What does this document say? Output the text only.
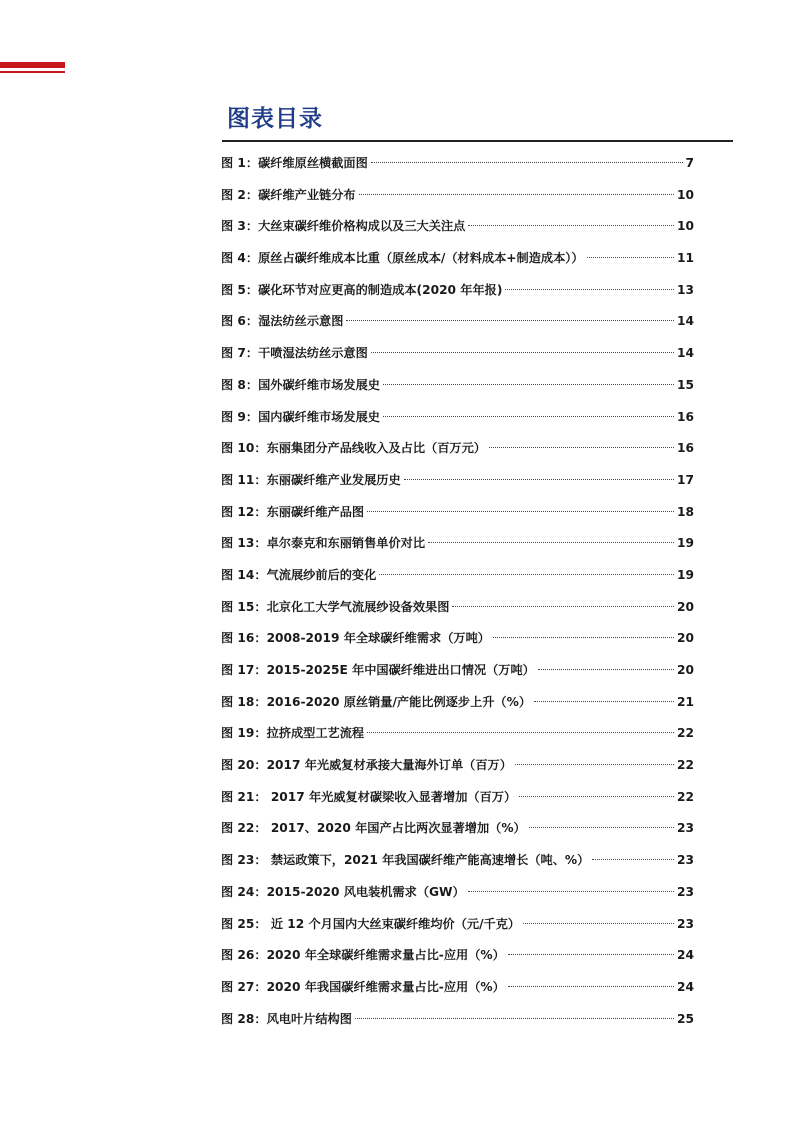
图表目录
图 1：碳纤维原丝横截面图	7
图 2：碳纤维产业链分布	10
图 3：大丝束碳纤维价格构成以及三大关注点	10
图 4：原丝占碳纤维成本比重（原丝成本/（材料成本+制造成本））	11
图 5：碳化环节对应更高的制造成本(2020 年年报)	13
图 6：湿法纺丝示意图	14
图 7：干喷湿法纺丝示意图	14
图 8：国外碳纤维市场发展史	15
图 9：国内碳纤维市场发展史	16
图 10：东丽集团分产品线收入及占比（百万元）	16
图 11：东丽碳纤维产业发展历史	17
图 12：东丽碳纤维产品图	18
图 13：卓尔泰克和东丽销售单价对比	19
图 14：气流展纱前后的变化	19
图 15：北京化工大学气流展纱设备效果图	20
图 16：2008-2019 年全球碳纤维需求（万吨）	20
图 17：2015-2025E 年中国碳纤维进出口情况（万吨）	20
图 18：2016-2020 原丝销量/产能比例逐步上升（%）	21
图 19：拉挤成型工艺流程	22
图 20：2017 年光威复材承接大量海外订单（百万）	22
图 21： 2017 年光威复材碳梁收入显著增加（百万）	22
图 22： 2017、2020 年国产占比两次显著增加（%）	23
图 23： 禁运政策下，2021 年我国碳纤维产能高速增长（吨、%）	23
图 24：2015-2020 风电装机需求（GW）	23
图 25： 近 12 个月国内大丝束碳纤维均价（元/千克）	23
图 26：2020 年全球碳纤维需求量占比-应用（%）	24
图 27：2020 年我国碳纤维需求量占比-应用（%）	24
图 28：风电叶片结构图	25
